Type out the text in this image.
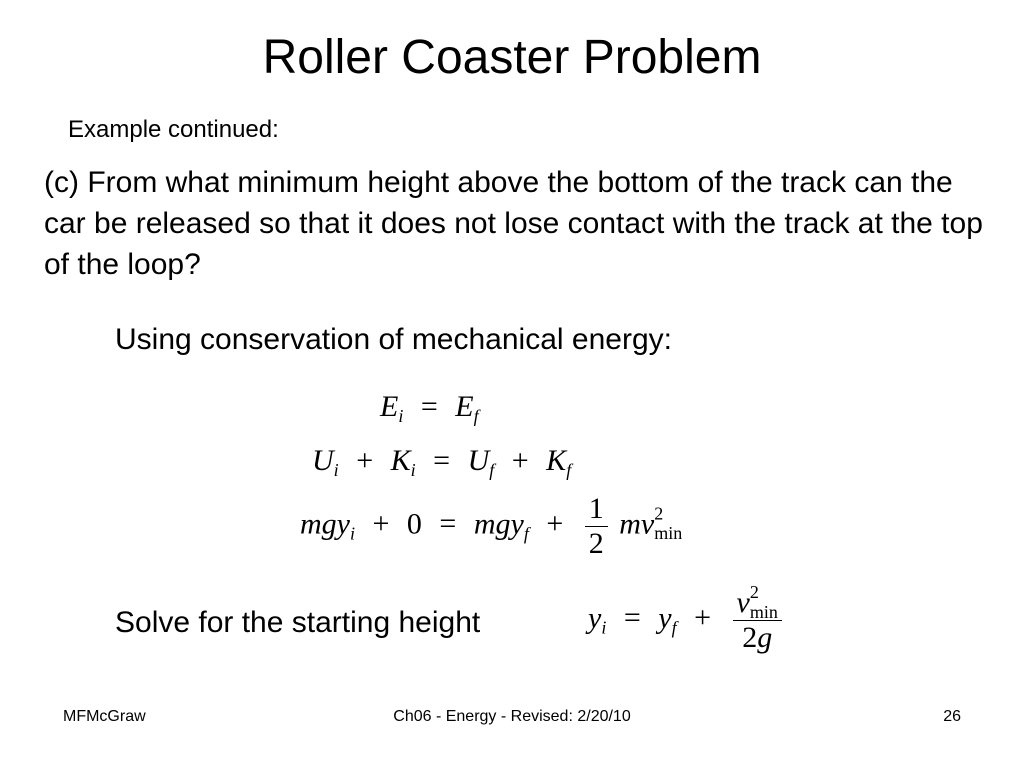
Roller Coaster Problem
Example continued:
(c) From what minimum height above the bottom of the track can the car be released so that it does not lose contact with the track at the top of the loop?
Using conservation of mechanical energy:
$E_i = E_f$
$U_i + K_i = U_f + K_f$
$mgy_i + 0 = mgy_f + \frac{1}{2} mv^2_{min}$
Solve for the starting height	$y_i = y_f + \frac{v^2_{min}}{2g}$
MFMcGraw	Ch06 - Energy - Revised: 2/20/10	26
